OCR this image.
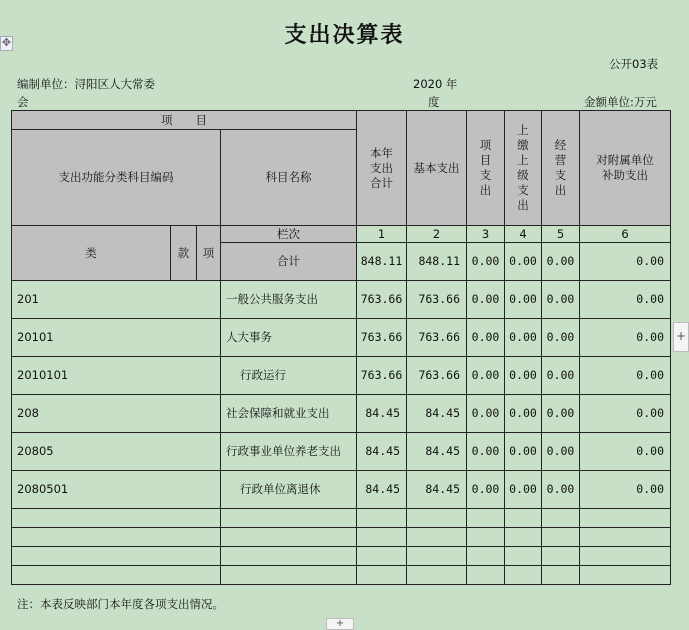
✥	支出决算表
公开03表
编制单位：浔阳区人大常委
会
2020 年
度	金额单位:万元
项　　目				本年支出合计	基本支出	项目支出	上缴上级支出	经营支出	对附属单位补助支出
支出功能分类科目编码			科目名称						
类	款	项	栏次	1	2	3	4	5	6
			合计	848.11	848.11	0.00	0.00	0.00	0.00
201			一般公共服务支出	763.66	763.66	0.00	0.00	0.00	0.00
20101			人大事务	763.66	763.66	0.00	0.00	0.00	0.00
2010101			行政运行	763.66	763.66	0.00	0.00	0.00	0.00
208			社会保障和就业支出	84.45	84.45	0.00	0.00	0.00	0.00
20805			行政事业单位养老支出	84.45	84.45	0.00	0.00	0.00	0.00
2080501			行政单位离退休	84.45	84.45	0.00	0.00	0.00	0.00

注：本表反映部门本年度各项支出情况。
+
+
